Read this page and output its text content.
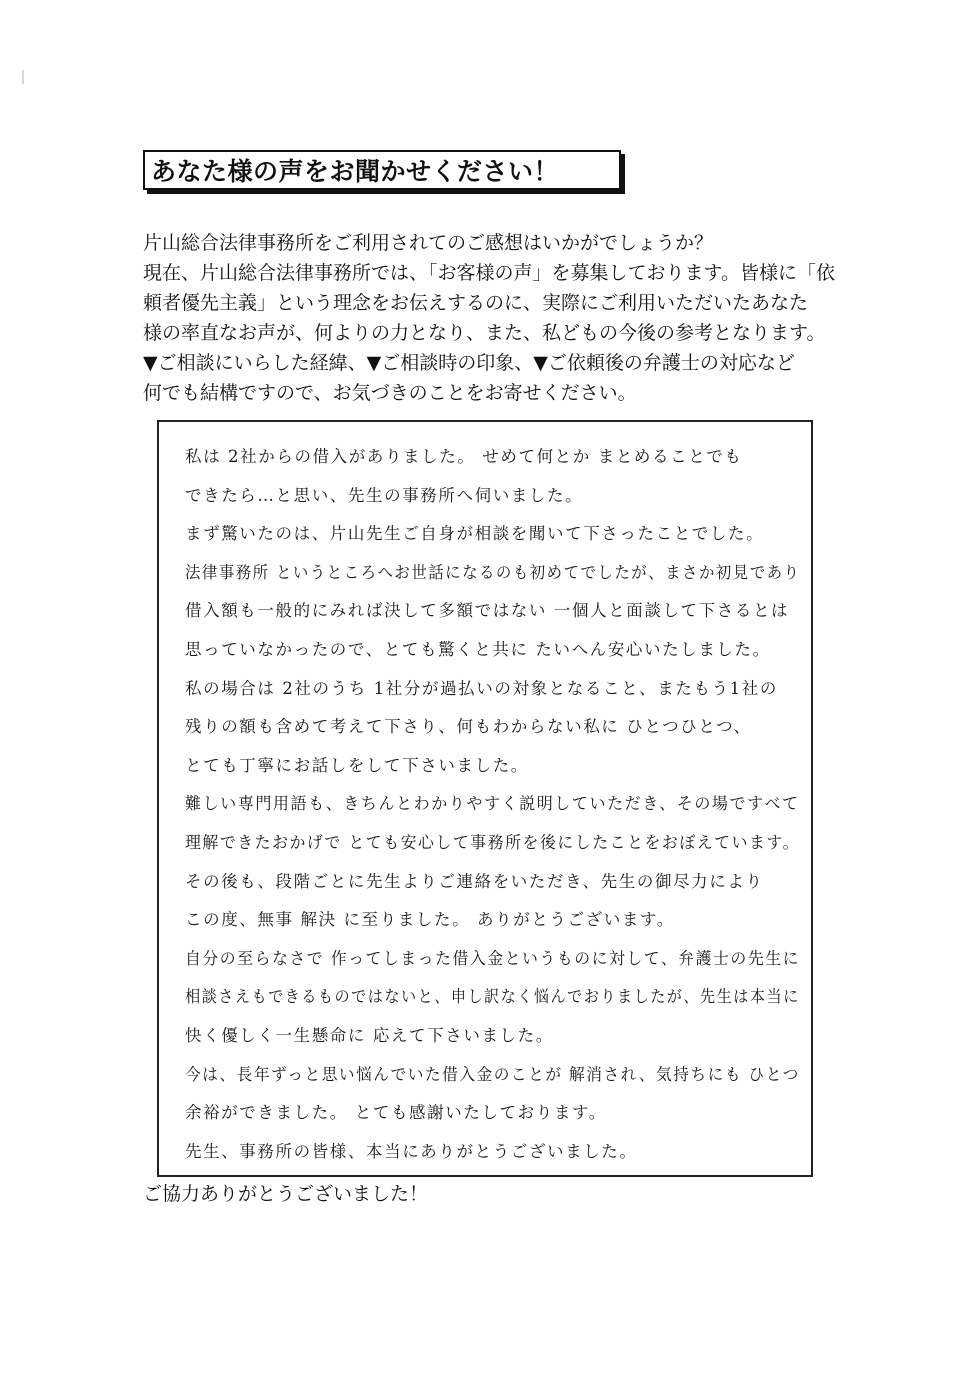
あなた様の声をお聞かせください！
片山総合法律事務所をご利用されてのご感想はいかがでしょうか？
現在、片山総合法律事務所では、「お客様の声」を募集しております。皆様に「依
頼者優先主義」という理念をお伝えするのに、実際にご利用いただいたあなた
様の率直なお声が、何よりの力となり、また、私どもの今後の参考となります。
▼ご相談にいらした経緯、▼ご相談時の印象、▼ご依頼後の弁護士の対応など
何でも結構ですので、お気づきのことをお寄せください。
私は 2社からの借入がありました。 せめて何とか まとめることでも
できたら…と思い、先生の事務所へ伺いました。
まず驚いたのは、片山先生ご自身が相談を聞いて下さったことでした。
法律事務所 というところへお世話になるのも初めてでしたが、まさか初見であり
借入額も一般的にみれば決して多額ではない 一個人と面談して下さるとは
思っていなかったので、とても驚くと共に たいへん安心いたしました。
私の場合は 2社のうち 1社分が過払いの対象となること、またもう1社の
残りの額も含めて考えて下さり、何もわからない私に ひとつひとつ、
とても丁寧にお話しをして下さいました。
難しい専門用語も、きちんとわかりやすく説明していただき、その場ですべて
理解できたおかげで とても安心して事務所を後にしたことをおぼえています。
その後も、段階ごとに先生よりご連絡をいただき、先生の御尽力により
この度、無事 解決 に至りました。 ありがとうございます。
自分の至らなさで 作ってしまった借入金というものに対して、弁護士の先生に
相談さえもできるものではないと、申し訳なく悩んでおりましたが、先生は本当に
快く優しく一生懸命に 応えて下さいました。
今は、長年ずっと思い悩んでいた借入金のことが 解消され、気持ちにも ひとつ
余裕ができました。 とても感謝いたしております。
先生、事務所の皆様、本当にありがとうございました。
ご協力ありがとうございました！
